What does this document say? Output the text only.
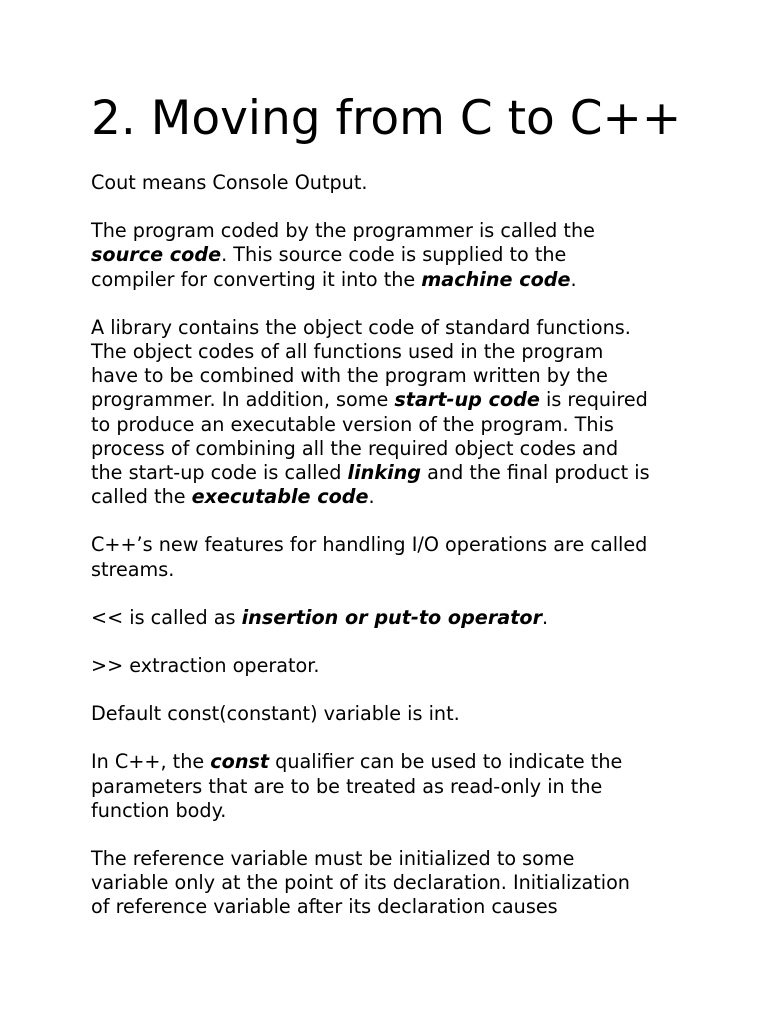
2. Moving from C to C++

Cout means Console Output.

The program coded by the programmer is called the
source code. This source code is supplied to the
compiler for converting it into the machine code.

A library contains the object code of standard functions.
The object codes of all functions used in the program
have to be combined with the program written by the
programmer. In addition, some start-up code is required
to produce an executable version of the program. This
process of combining all the required object codes and
the start-up code is called linking and the final product is
called the executable code.

C++’s new features for handling I/O operations are called
streams.

<< is called as insertion or put-to operator.

>> extraction operator.

Default const(constant) variable is int.

In C++, the const qualifier can be used to indicate the
parameters that are to be treated as read-only in the
function body.

The reference variable must be initialized to some
variable only at the point of its declaration. Initialization
of reference variable after its declaration causes
